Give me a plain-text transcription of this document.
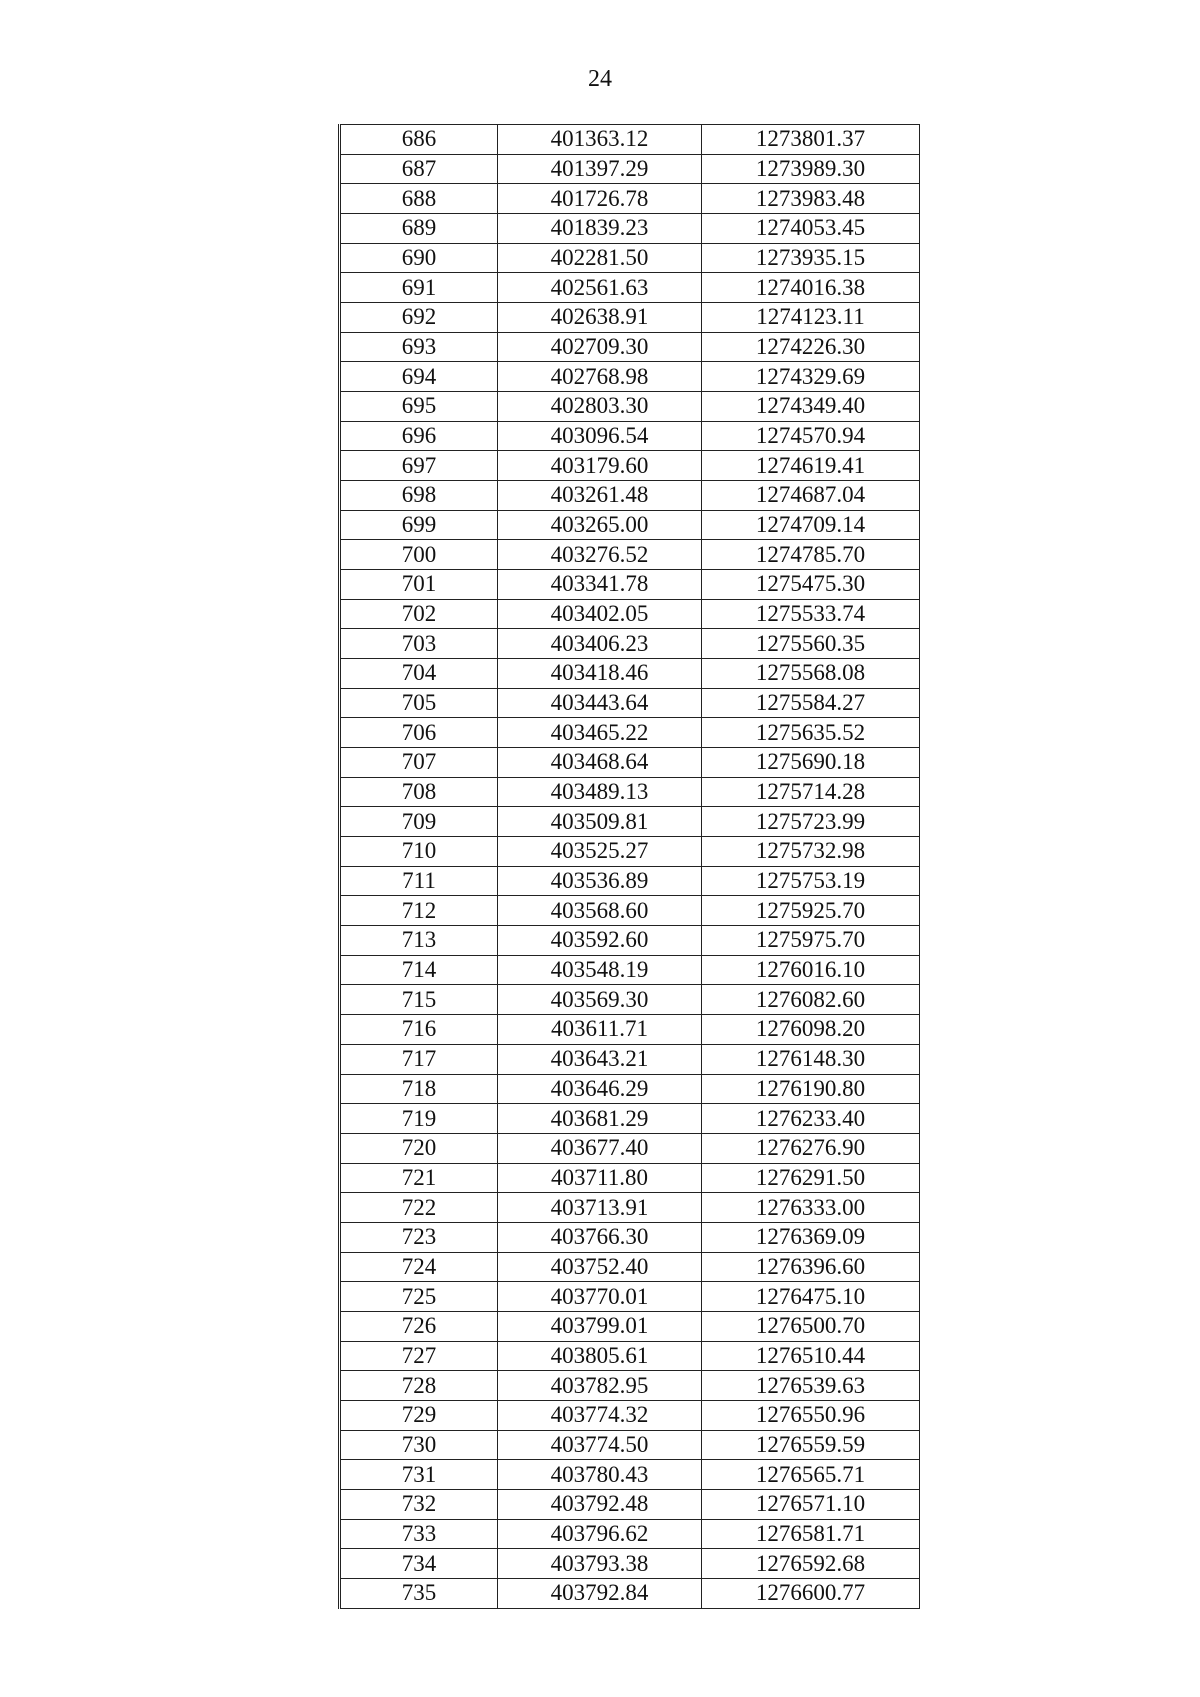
24
686	401363.12	1273801.37
687	401397.29	1273989.30
688	401726.78	1273983.48
689	401839.23	1274053.45
690	402281.50	1273935.15
691	402561.63	1274016.38
692	402638.91	1274123.11
693	402709.30	1274226.30
694	402768.98	1274329.69
695	402803.30	1274349.40
696	403096.54	1274570.94
697	403179.60	1274619.41
698	403261.48	1274687.04
699	403265.00	1274709.14
700	403276.52	1274785.70
701	403341.78	1275475.30
702	403402.05	1275533.74
703	403406.23	1275560.35
704	403418.46	1275568.08
705	403443.64	1275584.27
706	403465.22	1275635.52
707	403468.64	1275690.18
708	403489.13	1275714.28
709	403509.81	1275723.99
710	403525.27	1275732.98
711	403536.89	1275753.19
712	403568.60	1275925.70
713	403592.60	1275975.70
714	403548.19	1276016.10
715	403569.30	1276082.60
716	403611.71	1276098.20
717	403643.21	1276148.30
718	403646.29	1276190.80
719	403681.29	1276233.40
720	403677.40	1276276.90
721	403711.80	1276291.50
722	403713.91	1276333.00
723	403766.30	1276369.09
724	403752.40	1276396.60
725	403770.01	1276475.10
726	403799.01	1276500.70
727	403805.61	1276510.44
728	403782.95	1276539.63
729	403774.32	1276550.96
730	403774.50	1276559.59
731	403780.43	1276565.71
732	403792.48	1276571.10
733	403796.62	1276581.71
734	403793.38	1276592.68
735	403792.84	1276600.77
